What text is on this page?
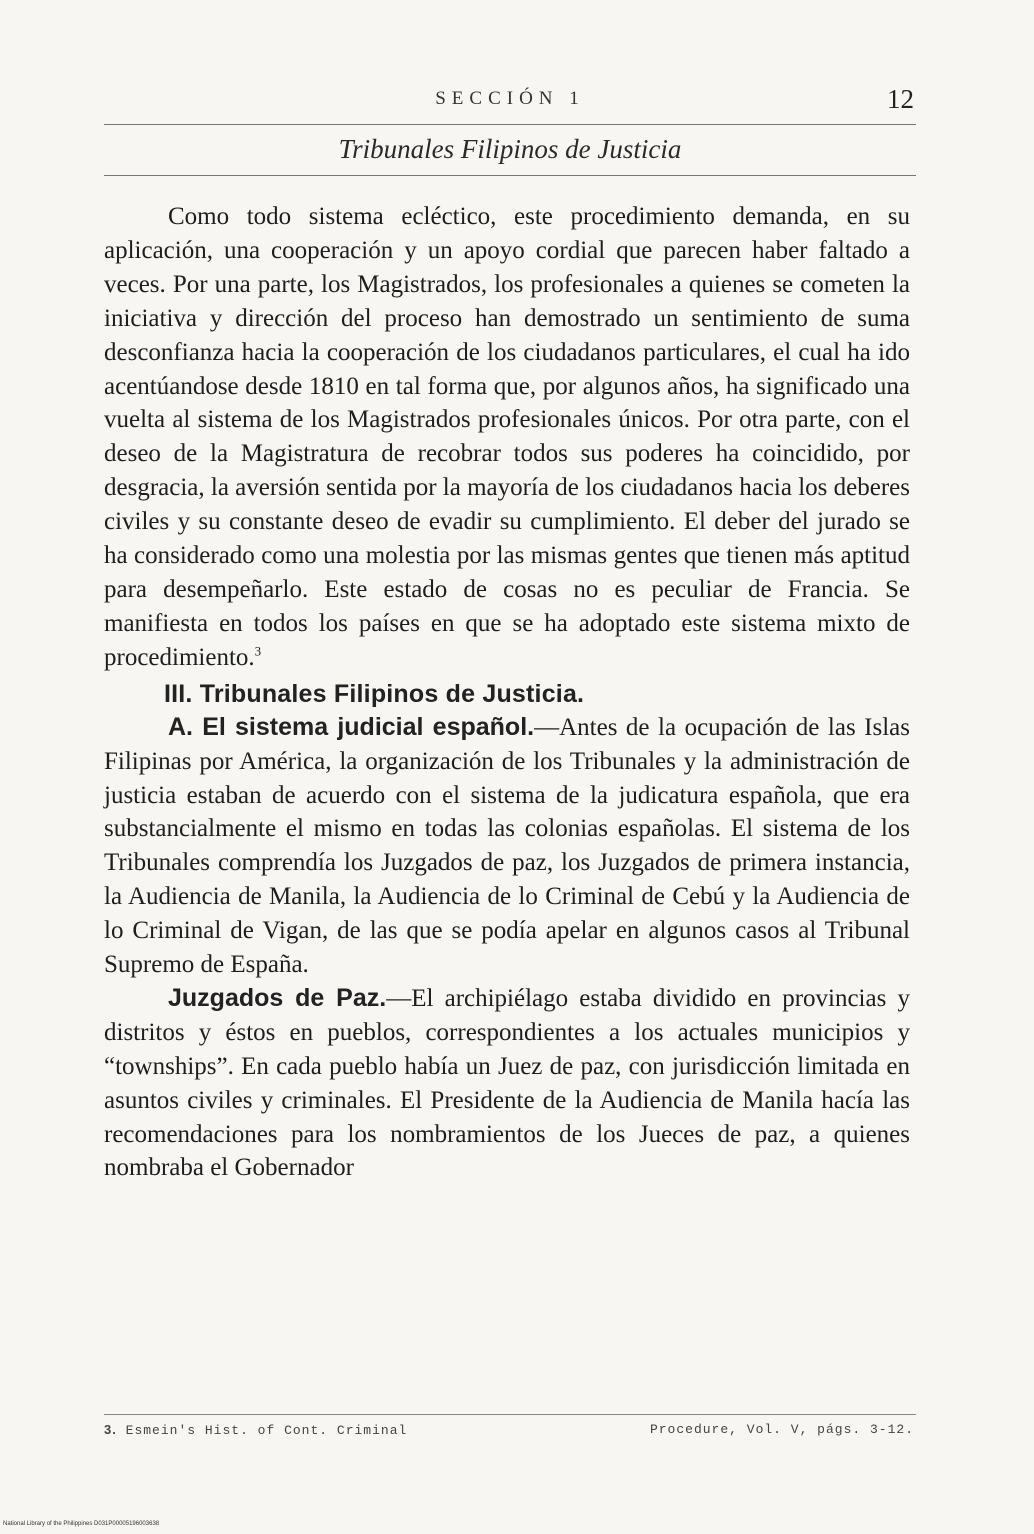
SECCIÓN 1	12
Tribunales Filipinos de Justicia

Como todo sistema ecléctico, este procedimiento demanda, en su aplicación, una cooperación y un apoyo cordial que parecen haber faltado a veces. Por una parte, los Magistrados, los profesionales a quienes se cometen la iniciativa y dirección del proceso han demostrado un sentimiento de suma desconfianza hacia la cooperación de los ciudadanos particulares, el cual ha ido acentúandose desde 1810 en tal forma que, por algunos años, ha significado una vuelta al sistema de los Magistrados profesionales únicos. Por otra parte, con el deseo de la Magistratura de recobrar todos sus poderes ha coincidido, por desgracia, la aversión sentida por la mayoría de los ciudadanos hacia los deberes civiles y su constante deseo de evadir su cumplimiento. El deber del jurado se ha considerado como una molestia por las mismas gentes que tienen más aptitud para desempeñarlo. Este estado de cosas no es peculiar de Francia. Se manifiesta en todos los países en que se ha adoptado este sistema mixto de procedimiento.$^3$

III. Tribunales Filipinos de Justicia.

A. El sistema judicial español.—Antes de la ocupación de las Islas Filipinas por América, la organización de los Tribunales y la administración de justicia estaban de acuerdo con el sistema de la judicatura española, que era substancialmente el mismo en todas las colonias españolas. El sistema de los Tribunales comprendía los Juzgados de paz, los Juzgados de primera instancia, la Audiencia de Manila, la Audiencia de lo Criminal de Cebú y la Audiencia de lo Criminal de Vigan, de las que se podía apelar en algunos casos al Tribunal Supremo de España.

Juzgados de Paz.—El archipiélago estaba dividido en provincias y distritos y éstos en pueblos, correspondientes a los actuales municipios y “townships”. En cada pueblo había un Juez de paz, con jurisdicción limitada en asuntos civiles y criminales. El Presidente de la Audiencia de Manila hacía las recomendaciones para los nombramientos de los Jueces de paz, a quienes nombraba el Gobernador

3. Esmein's Hist. of Cont. Criminal	Procedure, Vol. V, págs. 3-12.
National Library of the Philippines D031P00005196003638
